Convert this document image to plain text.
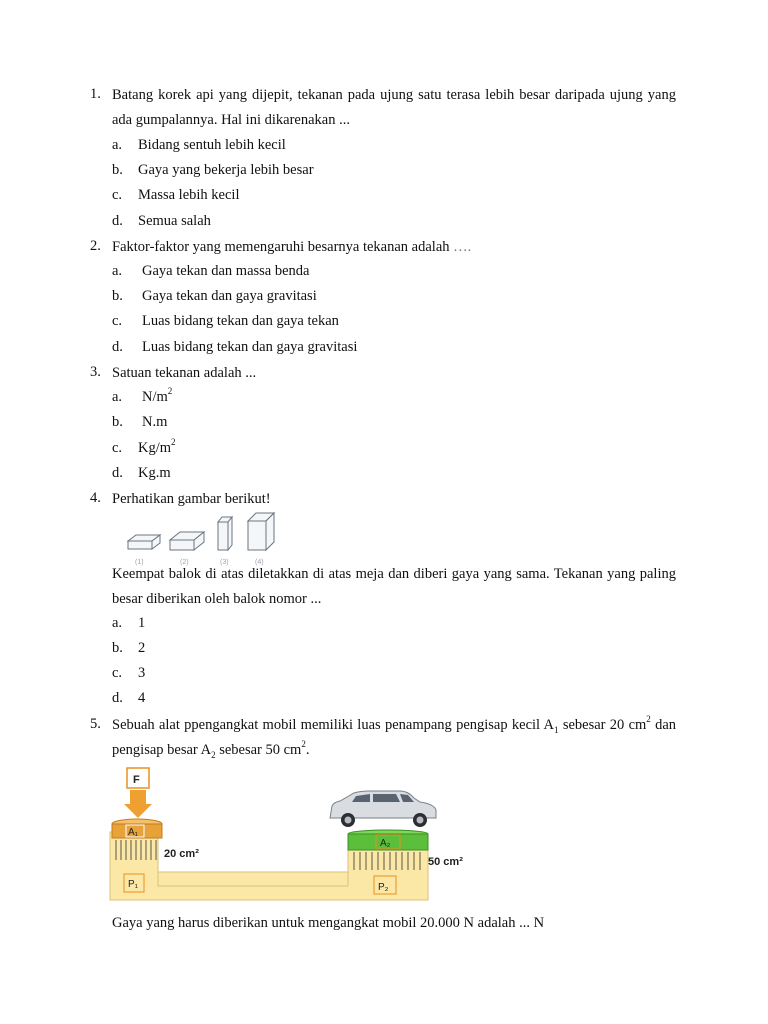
1. Batang korek api yang dijepit, tekanan pada ujung satu terasa lebih besar daripada ujung yang ada gumpalannya. Hal ini dikarenakan ...
a. Bidang sentuh lebih kecil
b. Gaya yang bekerja lebih besar
c. Massa lebih kecil
d. Semua salah
2. Faktor-faktor yang memengaruhi besarnya tekanan adalah ….
a. Gaya tekan dan massa benda
b. Gaya tekan dan gaya gravitasi
c. Luas bidang tekan dan gaya tekan
d. Luas bidang tekan dan gaya gravitasi
3. Satuan tekanan adalah ...
a. $N/m^2$
b. N.m
c. $Kg/m^2$
d. Kg.m
4. Perhatikan gambar berikut!
(1)	(2)	(3)	(4)
Keempat balok di atas diletakkan di atas meja dan diberi gaya yang sama. Tekanan yang paling besar diberikan oleh balok nomor ...
a. 1
b. 2
c. 3
d. 4
5. Sebuah alat ppengangkat mobil memiliki luas penampang pengisap kecil $A_1$ sebesar 20 $cm^2$ dan pengisap besar $A_2$ sebesar 50 $cm^2$.
F
A₁
20 cm²
P₁
A₂
50 cm²
P₂
Gaya yang harus diberikan untuk mengangkat mobil 20.000 N adalah ... N
